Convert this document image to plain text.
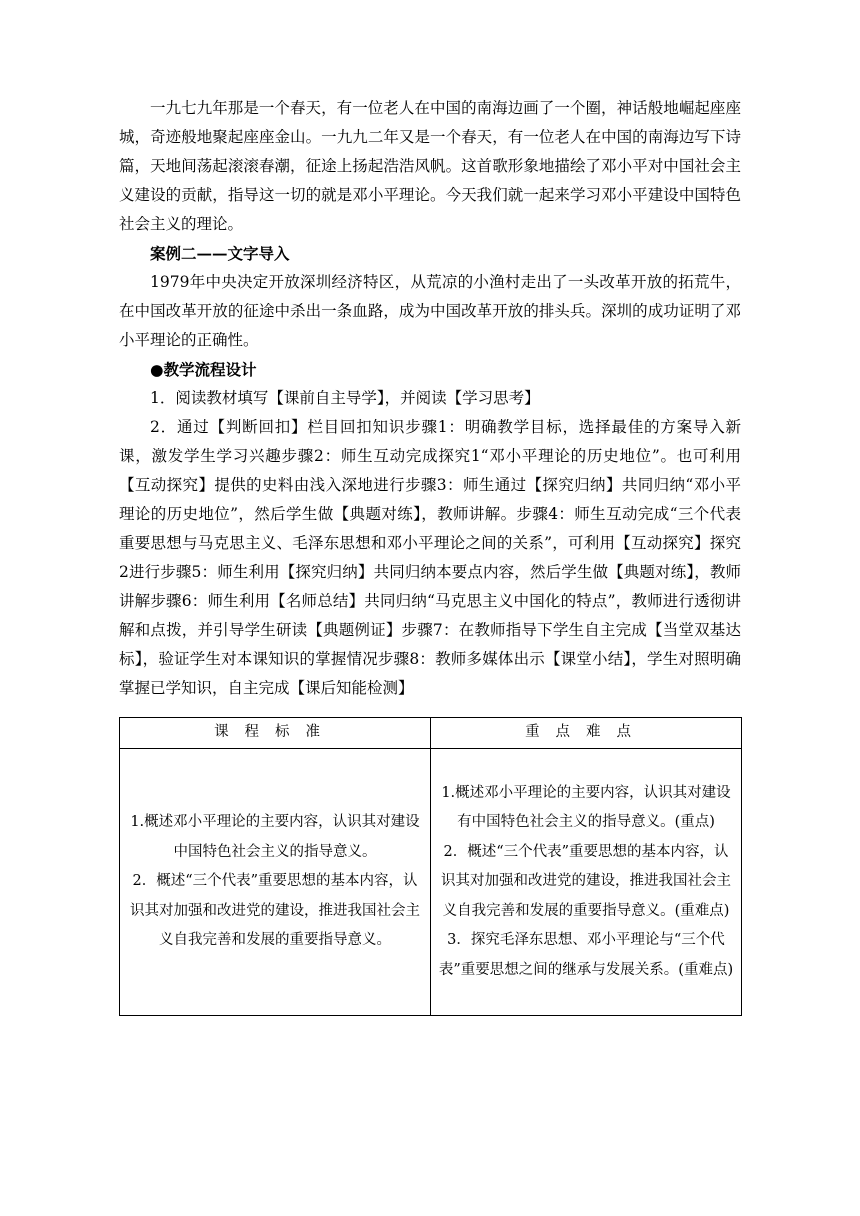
一九七九年那是一个春天，有一位老人在中国的南海边画了一个圈，神话般地崛起座座城，奇迹般地聚起座座金山。一九九二年又是一个春天，有一位老人在中国的南海边写下诗篇，天地间荡起滚滚春潮，征途上扬起浩浩风帆。这首歌形象地描绘了邓小平对中国社会主义建设的贡献，指导这一切的就是邓小平理论。今天我们就一起来学习邓小平建设中国特色社会主义的理论。

案例二——文字导入

1979年中央决定开放深圳经济特区，从荒凉的小渔村走出了一头改革开放的拓荒牛，在中国改革开放的征途中杀出一条血路，成为中国改革开放的排头兵。深圳的成功证明了邓小平理论的正确性。

●教学流程设计

1．阅读教材填写【课前自主导学】，并阅读【学习思考】

2．通过【判断回扣】栏目回扣知识步骤1：明确教学目标，选择最佳的方案导入新课，激发学生学习兴趣步骤2：师生互动完成探究1“邓小平理论的历史地位”。也可利用【互动探究】提供的史料由浅入深地进行步骤3：师生通过【探究归纳】共同归纳“邓小平理论的历史地位”，然后学生做【典题对练】，教师讲解。步骤4：师生互动完成“三个代表重要思想与马克思主义、毛泽东思想和邓小平理论之间的关系”，可利用【互动探究】探究2进行步骤5：师生利用【探究归纳】共同归纳本要点内容，然后学生做【典题对练】，教师讲解步骤6：师生利用【名师总结】共同归纳“马克思主义中国化的特点”，教师进行透彻讲解和点拨，并引导学生研读【典题例证】步骤7：在教师指导下学生自主完成【当堂双基达标】，验证学生对本课知识的掌握情况步骤8：教师多媒体出示【课堂小结】，学生对照明确掌握已学知识，自主完成【课后知能检测】

课程标准	重点难点

1.概述邓小平理论的主要内容，认识其对建设中国特色社会主义的指导意义。
2．概述“三个代表”重要思想的基本内容，认识其对加强和改进党的建设，推进我国社会主义自我完善和发展的重要指导意义。	1.概述邓小平理论的主要内容，认识其对建设有中国特色社会主义的指导意义。(重点)
2．概述“三个代表”重要思想的基本内容，认识其对加强和改进党的建设，推进我国社会主义自我完善和发展的重要指导意义。(重难点)
3．探究毛泽东思想、邓小平理论与“三个代表”重要思想之间的继承与发展关系。(重难点)
